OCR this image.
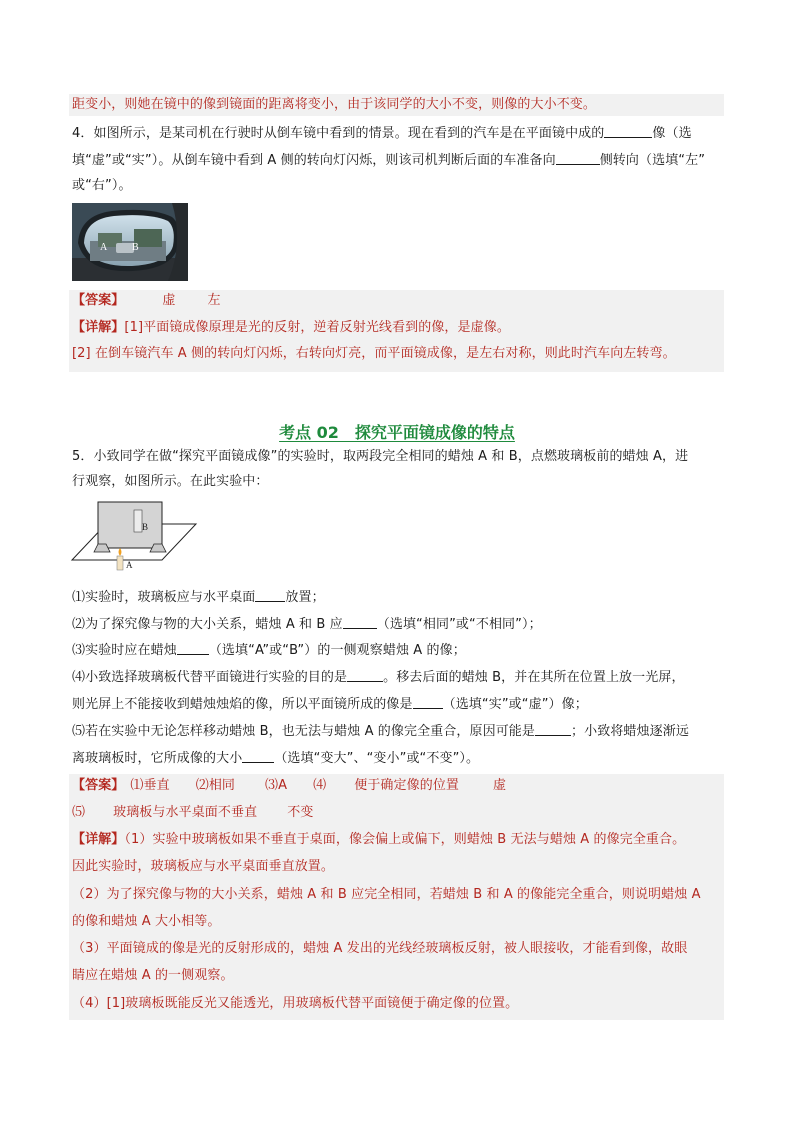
距变小，则她在镜中的像到镜面的距离将变小，由于该同学的大小不变，则像的大小不变。
4．如图所示，是某司机在行驶时从倒车镜中看到的情景。现在看到的汽车是在平面镜中成的	像（选
填“虚”或“实”）。从倒车镜中看到 A 侧的转向灯闪烁，则该司机判断后面的车准备向	侧转向（选填“左”
或“右”）。
A B
【答案】	虚 左
【详解】[1]平面镜成像原理是光的反射，逆着反射光线看到的像，是虚像。
[2] 在倒车镜汽车 A 侧的转向灯闪烁，右转向灯亮，而平面镜成像，是左右对称，则此时汽车向左转弯。
考点 02　探究平面镜成像的特点
5．小致同学在做“探究平面镜成像”的实验时，取两段完全相同的蜡烛 A 和 B，点燃玻璃板前的蜡烛 A，进
行观察，如图所示。在此实验中：
B
A
⑴实验时，玻璃板应与水平桌面 放置；
⑵为了探究像与物的大小关系，蜡烛 A 和 B 应	（选填“相同”或“不相同”）；
⑶实验时应在蜡烛 （选填“A”或“B”）的一侧观察蜡烛 A 的像；
⑷小致选择玻璃板代替平面镜进行实验的目的是	。移去后面的蜡烛 B，并在其所在位置上放一光屏，
则光屏上不能接收到蜡烛烛焰的像，所以平面镜所成的像是 （选填“实”或“虚”）像；
⑸若在实验中无论怎样移动蜡烛 B，也无法与蜡烛 A 的像完全重合，原因可能是	；小致将蜡烛逐渐远
离玻璃板时，它所成像的大小 （选填“变大”、“变小”或“不变”）。
【答案】 ⑴垂直 ⑵相同 ⑶A ⑷ 便于确定像的位置	虚
⑸ 玻璃板与水平桌面不垂直 不变
【详解】（1）实验中玻璃板如果不垂直于桌面，像会偏上或偏下，则蜡烛 B 无法与蜡烛 A 的像完全重合。
因此实验时，玻璃板应与水平桌面垂直放置。
（2）为了探究像与物的大小关系，蜡烛 A 和 B 应完全相同，若蜡烛 B 和 A 的像能完全重合，则说明蜡烛 A
的像和蜡烛 A 大小相等。
（3）平面镜成的像是光的反射形成的，蜡烛 A 发出的光线经玻璃板反射，被人眼接收，才能看到像，故眼
睛应在蜡烛 A 的一侧观察。
（4）[1]玻璃板既能反光又能透光，用玻璃板代替平面镜便于确定像的位置。
